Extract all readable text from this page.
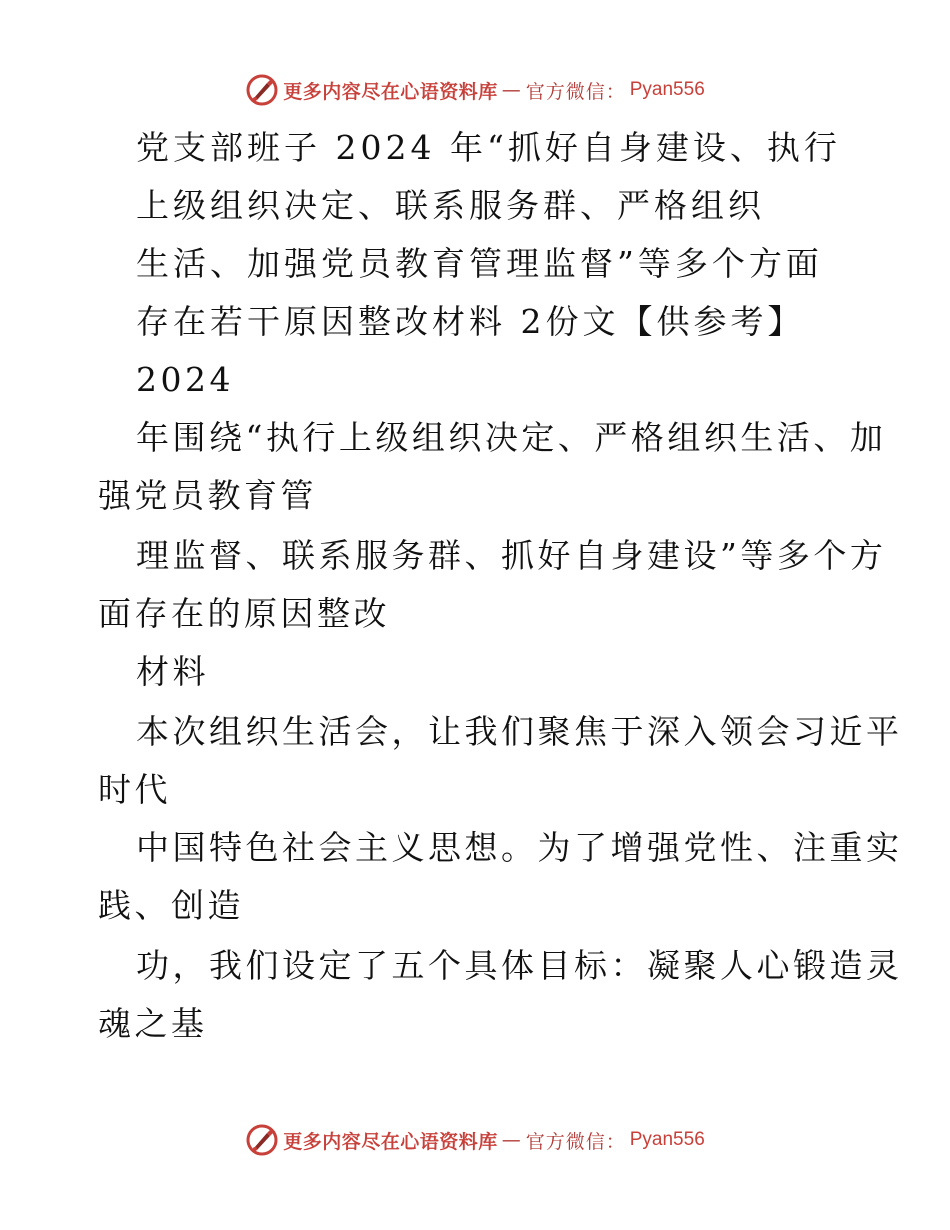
更多内容尽在心语资料库 — 官方微信： Pyan556
党支部班子 2024 年“抓好自身建设、执行
上级组织决定、联系服务群、严格组织
生活、加强党员教育管理监督”等多个方面
存在若干原因整改材料 2份文【供参考】
2024
年围绕“执行上级组织决定、严格组织生活、加
强党员教育管
理监督、联系服务群、抓好自身建设”等多个方
面存在的原因整改
材料
本次组织生活会，让我们聚焦于深入领会习近平
时代
中国特色社会主义思想。为了增强党性、注重实
践、创造
功，我们设定了五个具体目标：凝聚人心锻造灵
魂之基
更多内容尽在心语资料库 — 官方微信： Pyan556
